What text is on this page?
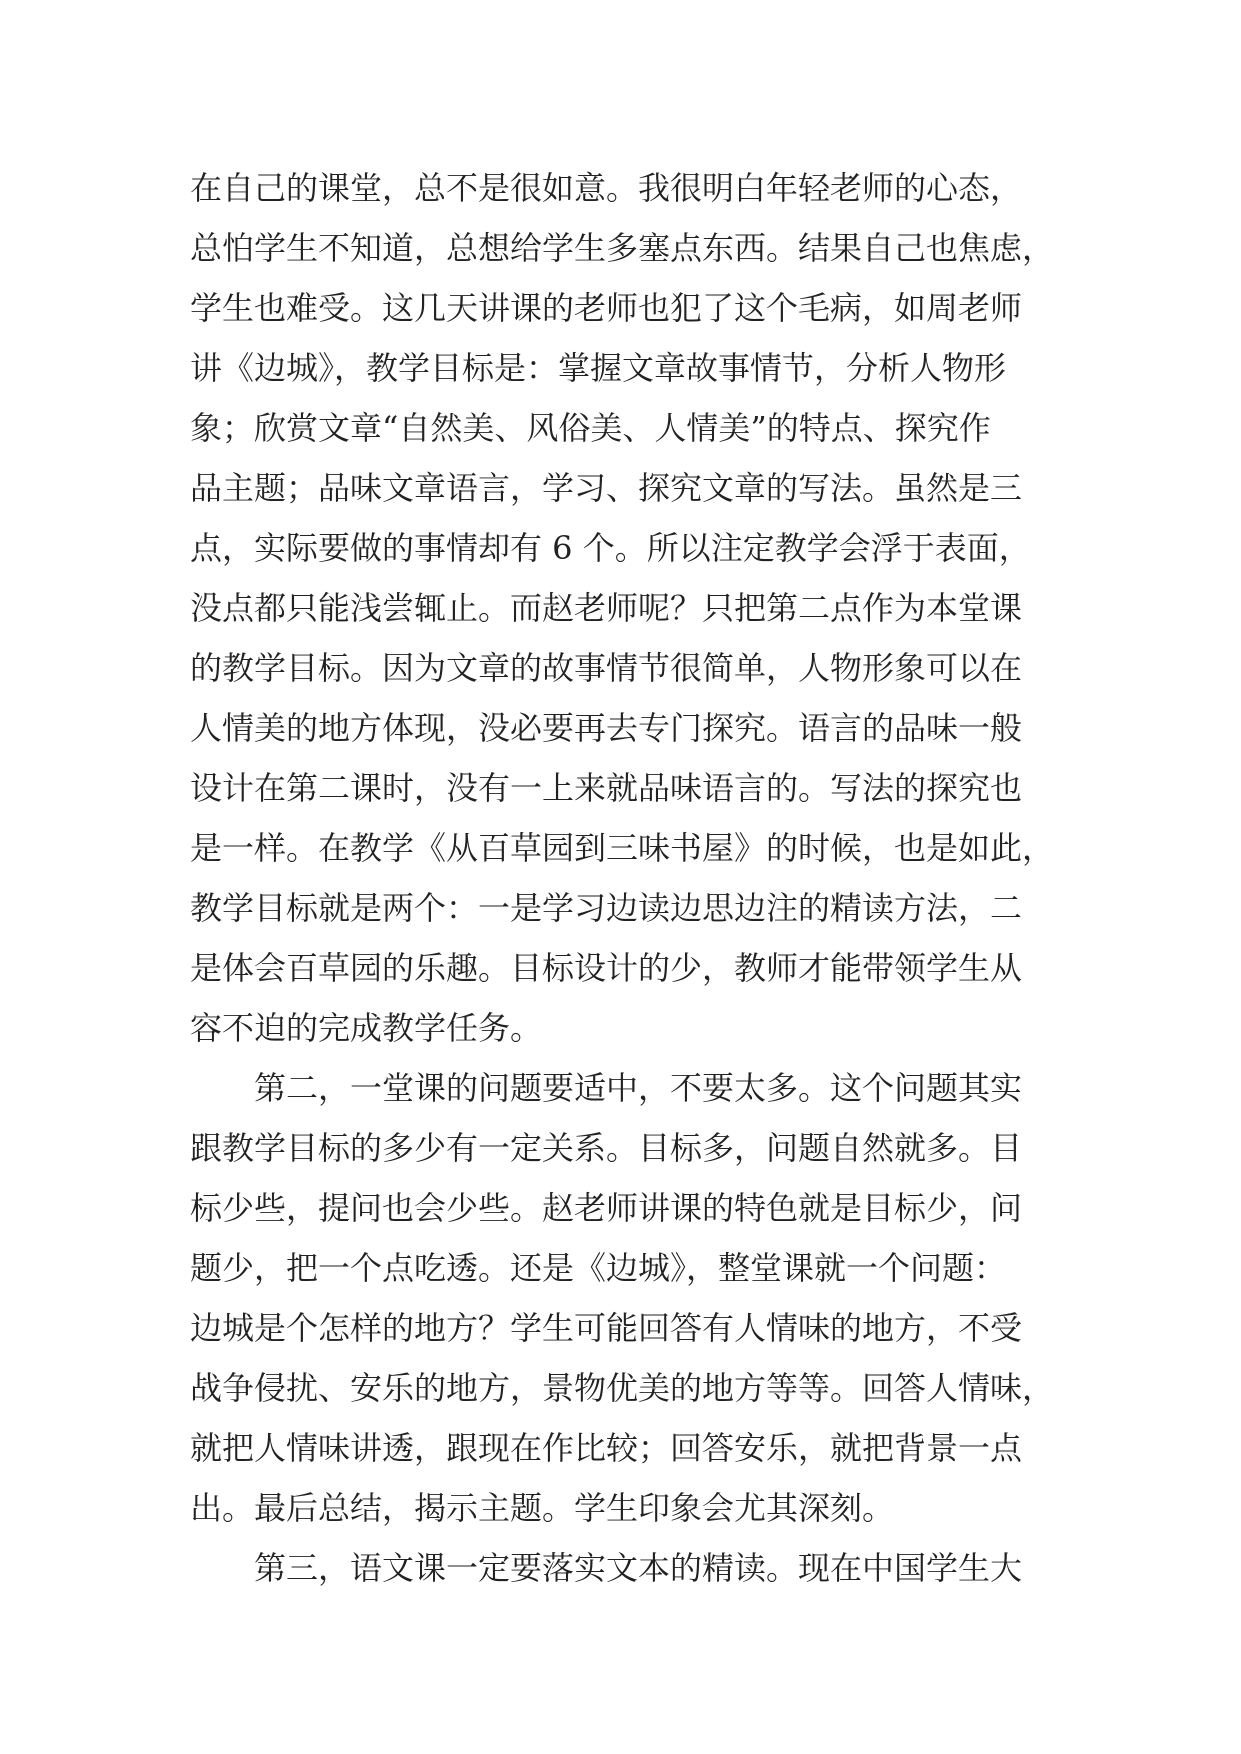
在自己的课堂，总不是很如意。我很明白年轻老师的心态，
总怕学生不知道，总想给学生多塞点东西。结果自己也焦虑，
学生也难受。这几天讲课的老师也犯了这个毛病，如周老师
讲《边城》，教学目标是：掌握文章故事情节，分析人物形
象；欣赏文章“自然美、风俗美、人情美”的特点、探究作
品主题；品味文章语言，学习、探究文章的写法。虽然是三
点，实际要做的事情却有 6 个。所以注定教学会浮于表面，
没点都只能浅尝辄止。而赵老师呢？只把第二点作为本堂课
的教学目标。因为文章的故事情节很简单，人物形象可以在
人情美的地方体现，没必要再去专门探究。语言的品味一般
设计在第二课时，没有一上来就品味语言的。写法的探究也
是一样。在教学《从百草园到三味书屋》的时候，也是如此，
教学目标就是两个：一是学习边读边思边注的精读方法，二
是体会百草园的乐趣。目标设计的少，教师才能带领学生从
容不迫的完成教学任务。
第二，一堂课的问题要适中，不要太多。这个问题其实
跟教学目标的多少有一定关系。目标多，问题自然就多。目
标少些，提问也会少些。赵老师讲课的特色就是目标少，问
题少，把一个点吃透。还是《边城》，整堂课就一个问题：
边城是个怎样的地方？学生可能回答有人情味的地方，不受
战争侵扰、安乐的地方，景物优美的地方等等。回答人情味，
就把人情味讲透，跟现在作比较；回答安乐，就把背景一点
出。最后总结，揭示主题。学生印象会尤其深刻。
第三，语文课一定要落实文本的精读。现在中国学生大
